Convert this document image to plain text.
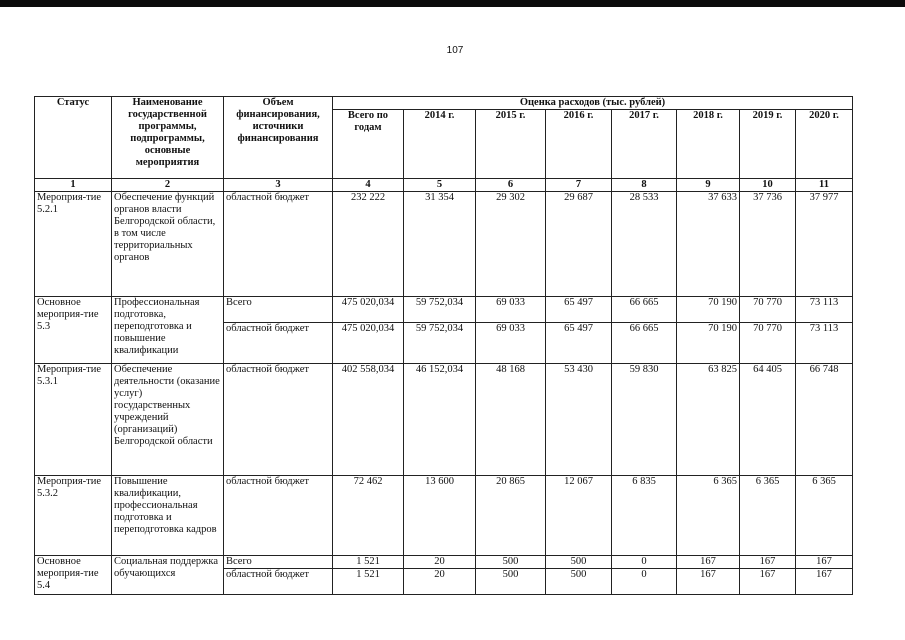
107
Статус	Наименование государственной программы, подпрограммы, основные мероприятия	Объем финансирования, источники финансирования	Оценка расходов (тыс. рублей)							
			Всего по годам	2014 г.	2015 г.	2016 г.	2017 г.	2018 г.	2019 г.	2020 г.
1	2	3	4	5	6	7	8	9	10	11
Мероприя-тие 5.2.1	Обеспечение функций органов власти Белгородской области, в том числе территориальных органов	областной бюджет	232 222	31 354	29 302	29 687	28 533	37 633	37 736	37 977
Основное мероприя-тие 5.3	Профессиональная подготовка, переподготовка и повышение квалификации	Всего	475 020,034	59 752,034	69 033	65 497	66 665	70 190	70 770	73 113
		областной бюджет	475 020,034	59 752,034	69 033	65 497	66 665	70 190	70 770	73 113
Мероприя-тие 5.3.1	Обеспечение деятельности (оказание услуг) государственных учреждений (организаций) Белгородской области	областной бюджет	402 558,034	46 152,034	48 168	53 430	59 830	63 825	64 405	66 748
Мероприя-тие 5.3.2	Повышение квалификации, профессиональная подготовка и переподготовка кадров	областной бюджет	72 462	13 600	20 865	12 067	6 835	6 365	6 365	6 365
Основное мероприя-тие 5.4	Социальная поддержка обучающихся	Всего	1 521	20	500	500	0	167	167	167
		областной бюджет	1 521	20	500	500	0	167	167	167
